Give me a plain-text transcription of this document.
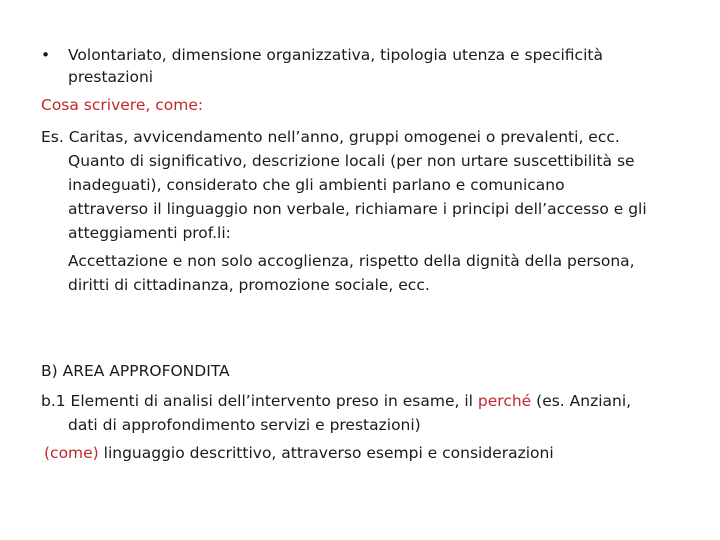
• Volontariato, dimensione organizzativa, tipologia utenza e specificità
prestazioni
Cosa scrivere, come:
Es. Caritas, avvicendamento nell’anno, gruppi omogenei o prevalenti, ecc.
Quanto di significativo, descrizione locali (per non urtare suscettibilità se
inadeguati), considerato che gli ambienti parlano e comunicano
attraverso il linguaggio non verbale, richiamare i principi dell’accesso e gli
atteggiamenti prof.li:
Accettazione e non solo accoglienza, rispetto della dignità della persona,
diritti di cittadinanza, promozione sociale, ecc.
B) AREA APPROFONDITA
b.1 Elementi di analisi dell’intervento preso in esame, il perché (es. Anziani,
dati di approfondimento servizi e prestazioni)
(come) linguaggio descrittivo, attraverso esempi e considerazioni
